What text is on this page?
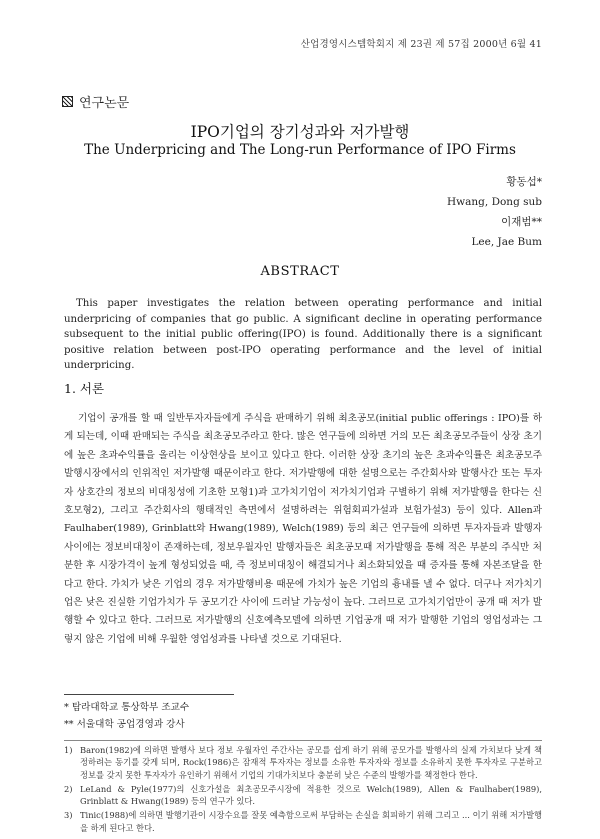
산업경영시스템학회지 제 23권 제 57집 2000년 6월 41
연구논문
IPO기업의 장기성과와 저가발행
The Underpricing and The Long-run Performance of IPO Firms
황동섭*
Hwang, Dong sub
이재범**
Lee, Jae Bum
ABSTRACT
This paper investigates the relation between operating performance and initial underpricing of companies that go public. A significant decline in operating performance subsequent to the initial public offering(IPO) is found. Additionally there is a significant positive relation between post-IPO operating performance and the level of initial underpricing.
1. 서론

기업이 공개를 할 때 일반투자자들에게 주식을 판매하기 위해 최초공모(initial public offerings : IPO)를 하게 되는데, 이때 판매되는 주식을 최초공모주라고 한다. 많은 연구들에 의하면 거의 모든 최초공모주들이 상장 초기에 높은 초과수익률을 올리는 이상현상을 보이고 있다고 한다. 이러한 상장 초기의 높은 초과수익률은 최초공모주 발행시장에서의 인위적인 저가발행 때문이라고 한다. 저가발행에 대한 설명으로는 주간회사와 발행사간 또는 투자자 상호간의 정보의 비대칭성에 기초한 모형1)과 고가치기업이 저가치기업과 구별하기 위해 저가발행을 한다는 신호모형2), 그리고 주간회사의 행태적인 측면에서 설명하려는 위험회피가설과 보험가설3) 등이 있다. Allen과 Faulhaber(1989), Grinblatt와 Hwang(1989), Welch(1989) 등의 최근 연구들에 의하면 투자자들과 발행자 사이에는 정보비대칭이 존재하는데, 정보우월자인 발행자들은 최초공모때 저가발행을 통해 적은 부분의 주식만 처분한 후 시장가격이 높게 형성되었을 때, 즉 정보비대칭이 해결되거나 최소화되었을 때 증자를 통해 자본조달을 한다고 한다. 가치가 낮은 기업의 경우 저가발행비용 때문에 가치가 높은 기업의 흉내를 낼 수 없다. 더구나 저가치기업은 낮은 진실한 기업가치가 두 공모기간 사이에 드러날 가능성이 높다. 그러므로 고가치기업만이 공개 때 저가 발행할 수 있다고 한다. 그러므로 저가발행의 신호예측모델에 의하면 기업공개 때 저가 발행한 기업의 영업성과는 그렇지 않은 기업에 비해 우월한 영업성과를 나타낼 것으로 기대된다.

* 탐라대학교 통상학부 조교수
** 서울대학 공업경영과 강사
1) Baron(1982)에 의하면 발행사 보다 정보 우월자인 주간사는 공모를 쉽게 하기 위해 공모가를 발행사의 실제 가치보다 낮게 책정하려는 동기를 갖게 되며, Rock(1986)은 잠재적 투자자는 정보를 소유한 투자자와 정보를 소유하지 못한 투자자로 구분하고 정보를 갖지 못한 투자자가 유인하기 위해서 기업의 기대가치보다 충분히 낮은 수준의 발행가를 책정한다 한다.
2) LeLand & Pyle(1977)의 신호가설을 최초공모주시장에 적용한 것으로 Welch(1989), Allen & Faulhaber(1989), Grinblatt & Hwang(1989) 등의 연구가 있다.
3) Tinic(1988)에 의하면 발행기관이 시장수요를 잘못 예측함으로써 부담하는 손실을 회피하기 위해 그리고 ... 이기 위해 저가발행을 하게 된다고 한다.
